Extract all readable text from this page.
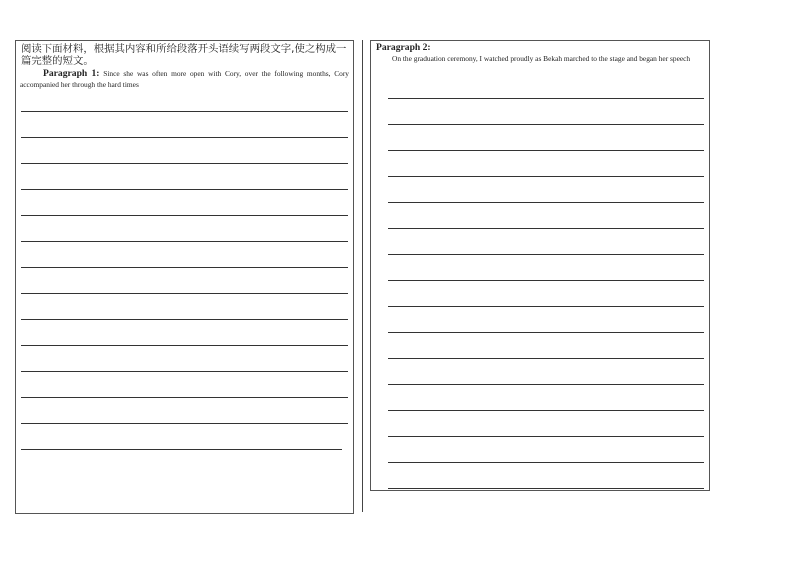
阅读下面材料，根据其内容和所给段落开头语续写两段文字,使之构成一篇完整的短文。
Paragraph 1: Since she was often more open with Cory, over the following months, Cory accompanied her through the hard times
Paragraph 2:
On the graduation ceremony, I watched proudly as Bekah marched to the stage and began her speech
